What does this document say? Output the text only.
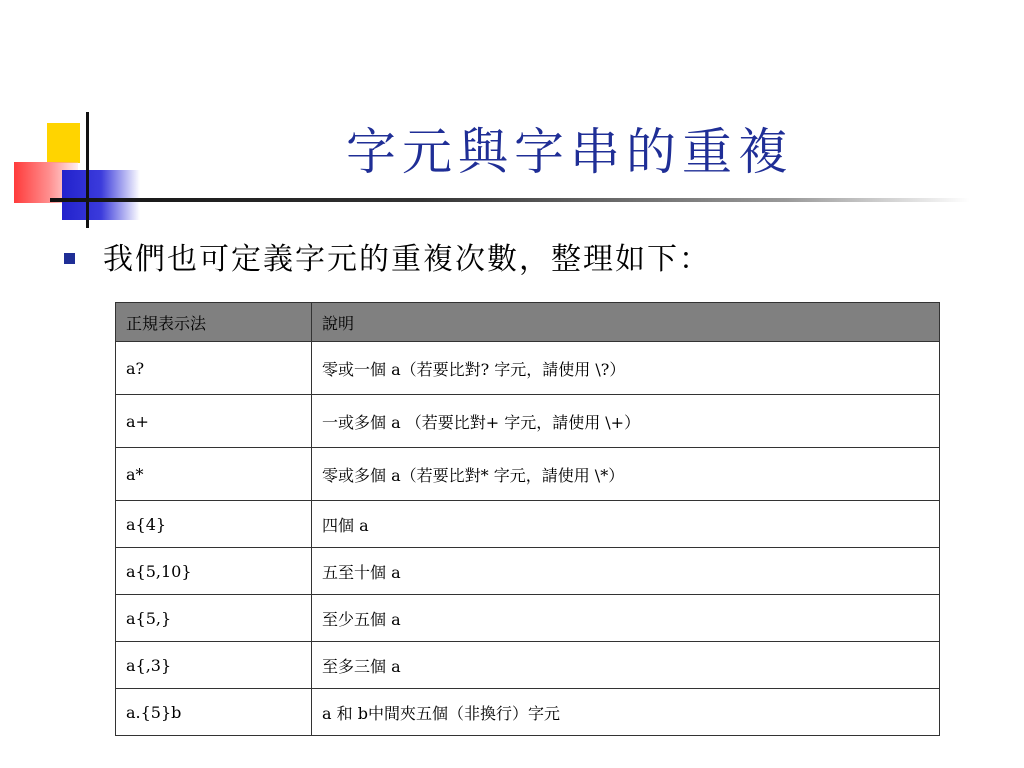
字元與字串的重複
我們也可定義字元的重複次數，整理如下：
正規表示法	說明
a?	零或一個 a（若要比對? 字元，請使用 \?）
a+	一或多個 a （若要比對+ 字元，請使用 \+）
a*	零或多個 a（若要比對* 字元，請使用 \*）
a{4}	四個 a
a{5,10}	五至十個 a
a{5,}	至少五個 a
a{,3}	至多三個 a
a.{5}b	a 和 b中間夾五個（非換行）字元
